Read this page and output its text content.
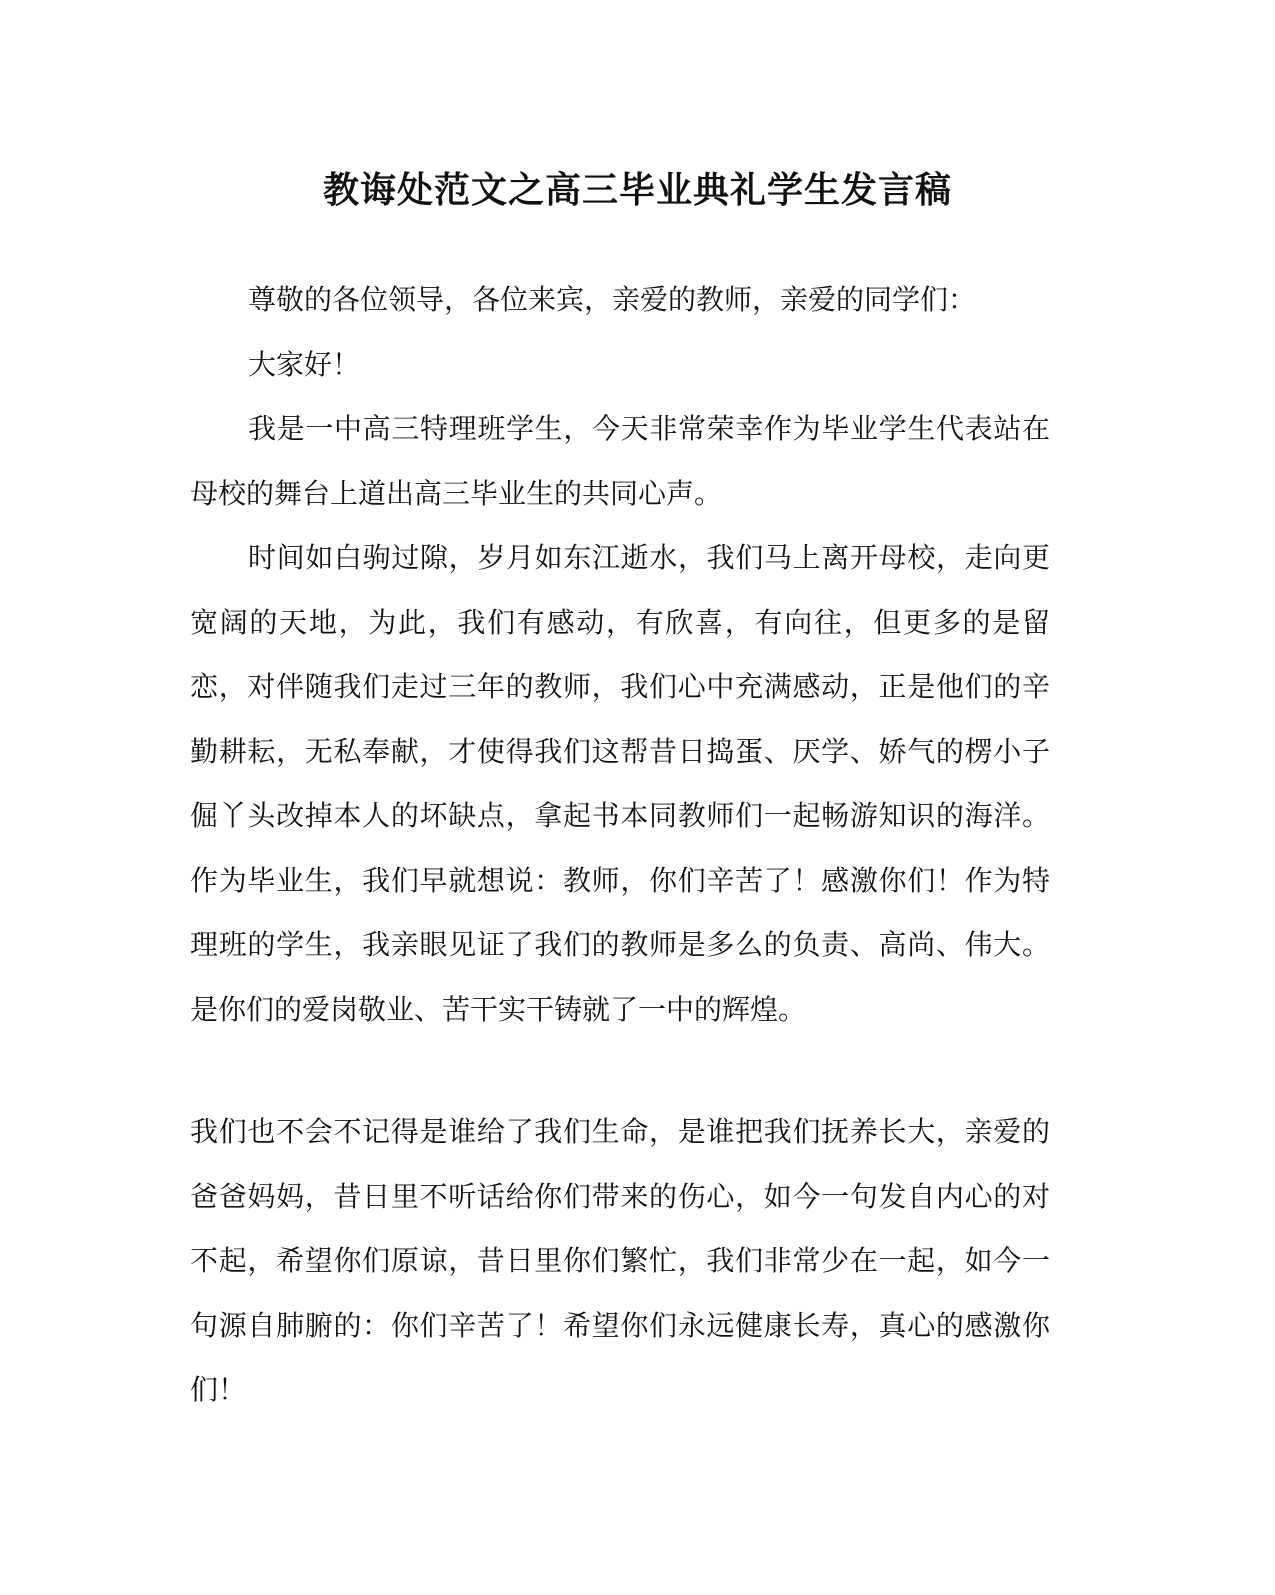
教诲处范文之高三毕业典礼学生发言稿

尊敬的各位领导，各位来宾，亲爱的教师，亲爱的同学们：

大家好！

我是一中高三特理班学生，今天非常荣幸作为毕业学生代表站在母校的舞台上道出高三毕业生的共同心声。

时间如白驹过隙，岁月如东江逝水，我们马上离开母校，走向更宽阔的天地，为此，我们有感动，有欣喜，有向往，但更多的是留恋，对伴随我们走过三年的教师，我们心中充满感动，正是他们的辛勤耕耘，无私奉献，才使得我们这帮昔日捣蛋、厌学、娇气的楞小子倔丫头改掉本人的坏缺点，拿起书本同教师们一起畅游知识的海洋。作为毕业生，我们早就想说：教师，你们辛苦了！感激你们！作为特理班的学生，我亲眼见证了我们的教师是多么的负责、高尚、伟大。是你们的爱岗敬业、苦干实干铸就了一中的辉煌。

我们也不会不记得是谁给了我们生命，是谁把我们抚养长大，亲爱的爸爸妈妈，昔日里不听话给你们带来的伤心，如今一句发自内心的对不起，希望你们原谅，昔日里你们繁忙，我们非常少在一起，如今一句源自肺腑的：你们辛苦了！希望你们永远健康长寿，真心的感激你们！
